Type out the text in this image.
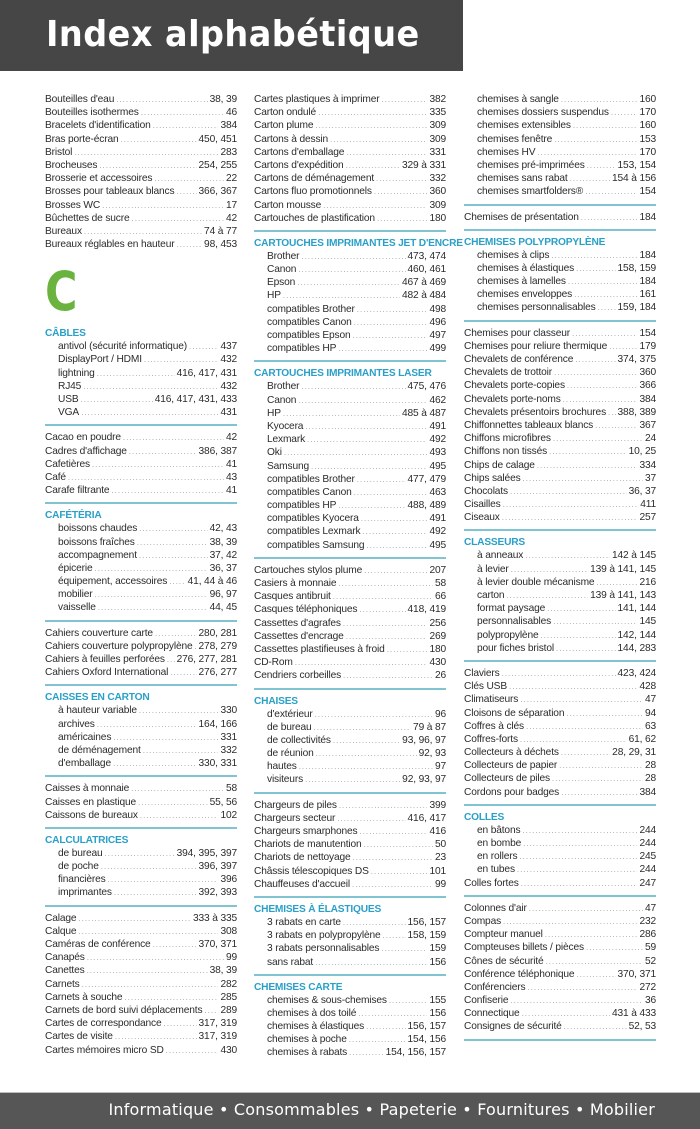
Index alphabétique
Bouteilles d'eau .....	38, 39
Bouteilles isothermes .....	46
Bracelets d'identification .....	384
Bras porte-écran .....	450, 451
Bristol .....	283
Brocheuses .....	254, 255
Brosserie et accessoires .....	22
Brosses pour tableaux blancs ..... 366, 367
Brosses WC .....	17
Bûchettes de sucre .....	42
Bureaux .....	74 à 77
Bureaux réglables en hauteur .....	98, 453
C
CÂBLES
antivol (sécurité informatique) .....	437
DisplayPort / HDMI .....	432
lightning .....	416, 417, 431
RJ45 .....	432
USB .....	416, 417, 431, 433
VGA .....	431
Cacao en poudre .....	42
Cadres d'affichage .....	386, 387
Cafetières .....	41
Café .....	43
Carafe filtrante .....	41
CAFÉTÉRIA
boissons chaudes .....	42, 43
boissons fraîches .....	38, 39
accompagnement .....	37, 42
épicerie .....	36, 37
équipement, accessoires ..... 41, 44 à 46
mobilier .....	96, 97
vaisselle .....	44, 45
Cahiers couverture carte .....	280, 281
Cahiers couverture polypropylène ..... 278, 279
Cahiers à feuilles perforées ..... 276, 277, 281
Cahiers Oxford International .....	276, 277
CAISSES EN CARTON
à hauteur variable .....	330
archives .....	164, 166
américaines .....	331
de déménagement .....	332
d'emballage .....	330, 331
Caisses à monnaie .....	58
Caisses en plastique .....	55, 56
Caissons de bureaux .....	102
CALCULATRICES
de bureau .....	394, 395, 397
de poche .....	396, 397
financières .....	396
imprimantes .....	392, 393
Calage .....	333 à 335
Calque .....	308
Caméras de conférence .....	370, 371
Canapés .....	99
Canettes .....	38, 39
Carnets .....	282
Carnets à souche .....	285
Carnets de bord suivi déplacements ..... 289
Cartes de correspondance .....	317, 319
Cartes de visite .....	317, 319
Cartes mémoires micro SD .....	430
Cartes plastiques à imprimer .....	382
Carton ondulé .....	335
Carton plume .....	309
Cartons à dessin .....	309
Cartons d'emballage .....	331
Cartons d'expédition .....	329 à 331
Cartons de déménagement .....	332
Cartons fluo promotionnels .....	360
Carton mousse .....	309
Cartouches de plastification .....	180
CARTOUCHES IMPRIMANTES JET D'ENCRE
Brother .....	473, 474
Canon .....	460, 461
Epson .....	467 à 469
HP .....	482 à 484
compatibles Brother .....	498
compatibles Canon .....	496
compatibles Epson .....	497
compatibles HP .....	499
CARTOUCHES IMPRIMANTES LASER
Brother .....	475, 476
Canon .....	462
HP .....	485 à 487
Kyocera .....	491
Lexmark .....	492
Oki .....	493
Samsung .....	495
compatibles Brother .....	477, 479
compatibles Canon .....	463
compatibles HP .....	488, 489
compatibles Kyocera .....	491
compatibles Lexmark .....	492
compatibles Samsung .....	495
Cartouches stylos plume .....	207
Casiers à monnaie .....	58
Casques antibruit .....	66
Casques téléphoniques .....	418, 419
Cassettes d'agrafes .....	256
Cassettes d'encrage .....	269
Cassettes plastifieuses à froid .....	180
CD-Rom .....	430
Cendriers corbeilles .....	26
CHAISES
d'extérieur .....	96
de bureau .....	79 à 87
de collectivités .....	93, 96, 97
de réunion .....	92, 93
hautes .....	97
visiteurs .....	92, 93, 97
Chargeurs de piles .....	399
Chargeurs secteur .....	416, 417
Chargeurs smarphones .....	416
Chariots de manutention .....	50
Chariots de nettoyage .....	23
Châssis télescopiques DS .....	101
Chauffeuses d'accueil .....	99
CHEMISES À ÉLASTIQUES
3 rabats en carte .....	156, 157
3 rabats en polypropylène .....	158, 159
3 rabats personnalisables .....	159
sans rabat .....	156
CHEMISES CARTE
chemises & sous-chemises .....	155
chemises à dos toilé .....	156
chemises à élastiques .....	156, 157
chemises à poche .....	154, 156
chemises à rabats .....	154, 156, 157
chemises à sangle .....	160
chemises dossiers suspendus .....	170
chemises extensibles .....	160
chemises fenêtre .....	153
chemises HV .....	170
chemises pré-imprimées .....	153, 154
chemises sans rabat .....	154 à 156
chemises smartfolders® .....	154
Chemises de présentation .....	184
CHEMISES POLYPROPYLÈNE
chemises à clips .....	184
chemises à élastiques .....	158, 159
chemises à lamelles .....	184
chemises enveloppes .....	161
chemises personnalisables ..... 159, 184
Chemises pour classeur .....	154
Chemises pour reliure thermique .....	179
Chevalets de conférence .....	374, 375
Chevalets de trottoir .....	360
Chevalets porte-copies .....	366
Chevalets porte-noms .....	384
Chevalets présentoirs brochures ..... 388, 389
Chiffonnettes tableaux blancs .....	367
Chiffons microfibres .....	24
Chiffons non tissés .....	10, 25
Chips de calage .....	334
Chips salées .....	37
Chocolats .....	36, 37
Cisailles .....	411
Ciseaux .....	257
CLASSEURS
à anneaux .....	142 à 145
à levier .....	139 à 141, 145
à levier double mécanisme .....	216
carton .....	139 à 141, 143
format paysage .....	141, 144
personnalisables .....	145
polypropylène .....	142, 144
pour fiches bristol .....	144, 283
Claviers .....	423, 424
Clés USB .....	428
Climatiseurs .....	47
Cloisons de séparation .....	94
Coffres à clés .....	63
Coffres-forts .....	61, 62
Collecteurs à déchets .....	28, 29, 31
Collecteurs de papier .....	28
Collecteurs de piles .....	28
Cordons pour badges .....	384
COLLES
en bâtons .....	244
en bombe .....	244
en rollers .....	245
en tubes .....	244
Colles fortes .....	247
Colonnes d'air .....	47
Compas .....	232
Compteur manuel .....	286
Compteuses billets / pièces .....	59
Cônes de sécurité .....	52
Conférence téléphonique .....	370, 371
Conférenciers .....	272
Confiserie .....	36
Connectique .....	431 à 433
Consignes de sécurité .....	52, 53
Informatique • Consommables • Papeterie • Fournitures • Mobilier
